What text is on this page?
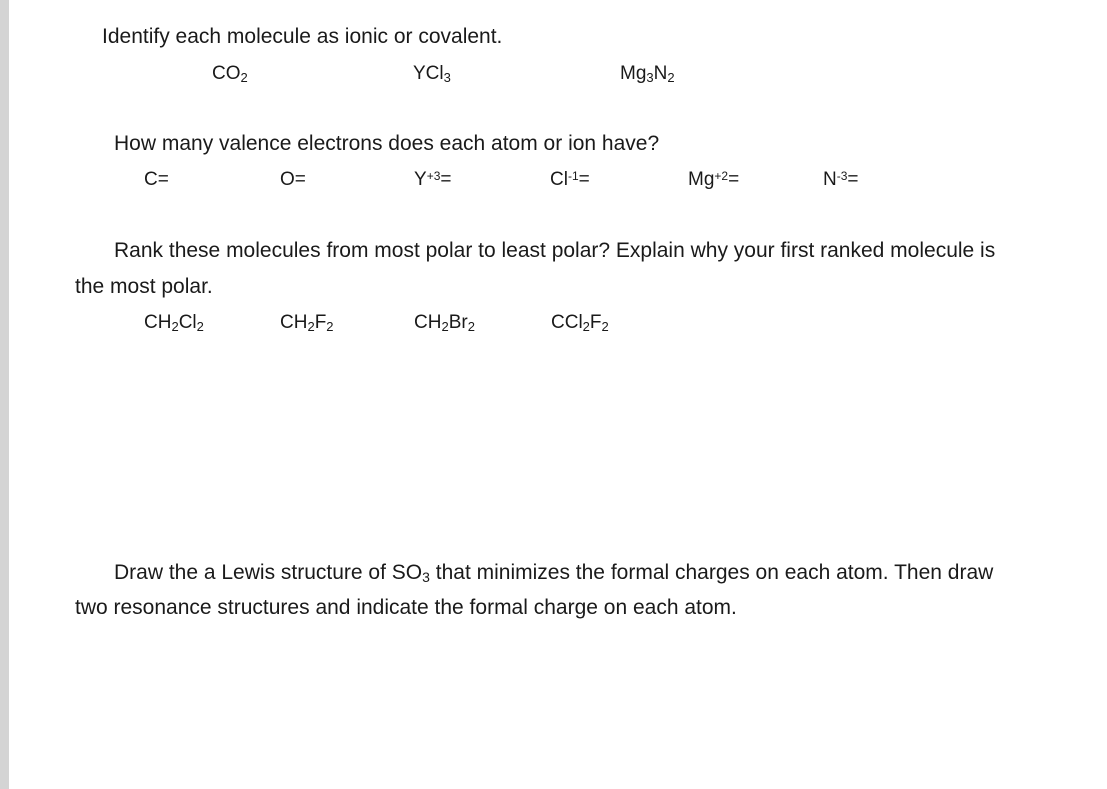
Identify each molecule as ionic or covalent.
$CO_2$	YCl$_3$	$Mg_3N_2$
How many valence electrons does each atom or ion have?
C=	O=	$Y^{+3}=$	$Cl^{-1}=$	$Mg^{+2}=$	$N^{-3}=$
Rank these molecules from most polar to least polar? Explain why your first ranked molecule is
the most polar.
$CH_2Cl_2$	$CH_2F_2$	$CH_2Br_2$	$CCl_2F_2$
Draw the a Lewis structure of $SO_3$ that minimizes the formal charges on each atom. Then draw
two resonance structures and indicate the formal charge on each atom.
